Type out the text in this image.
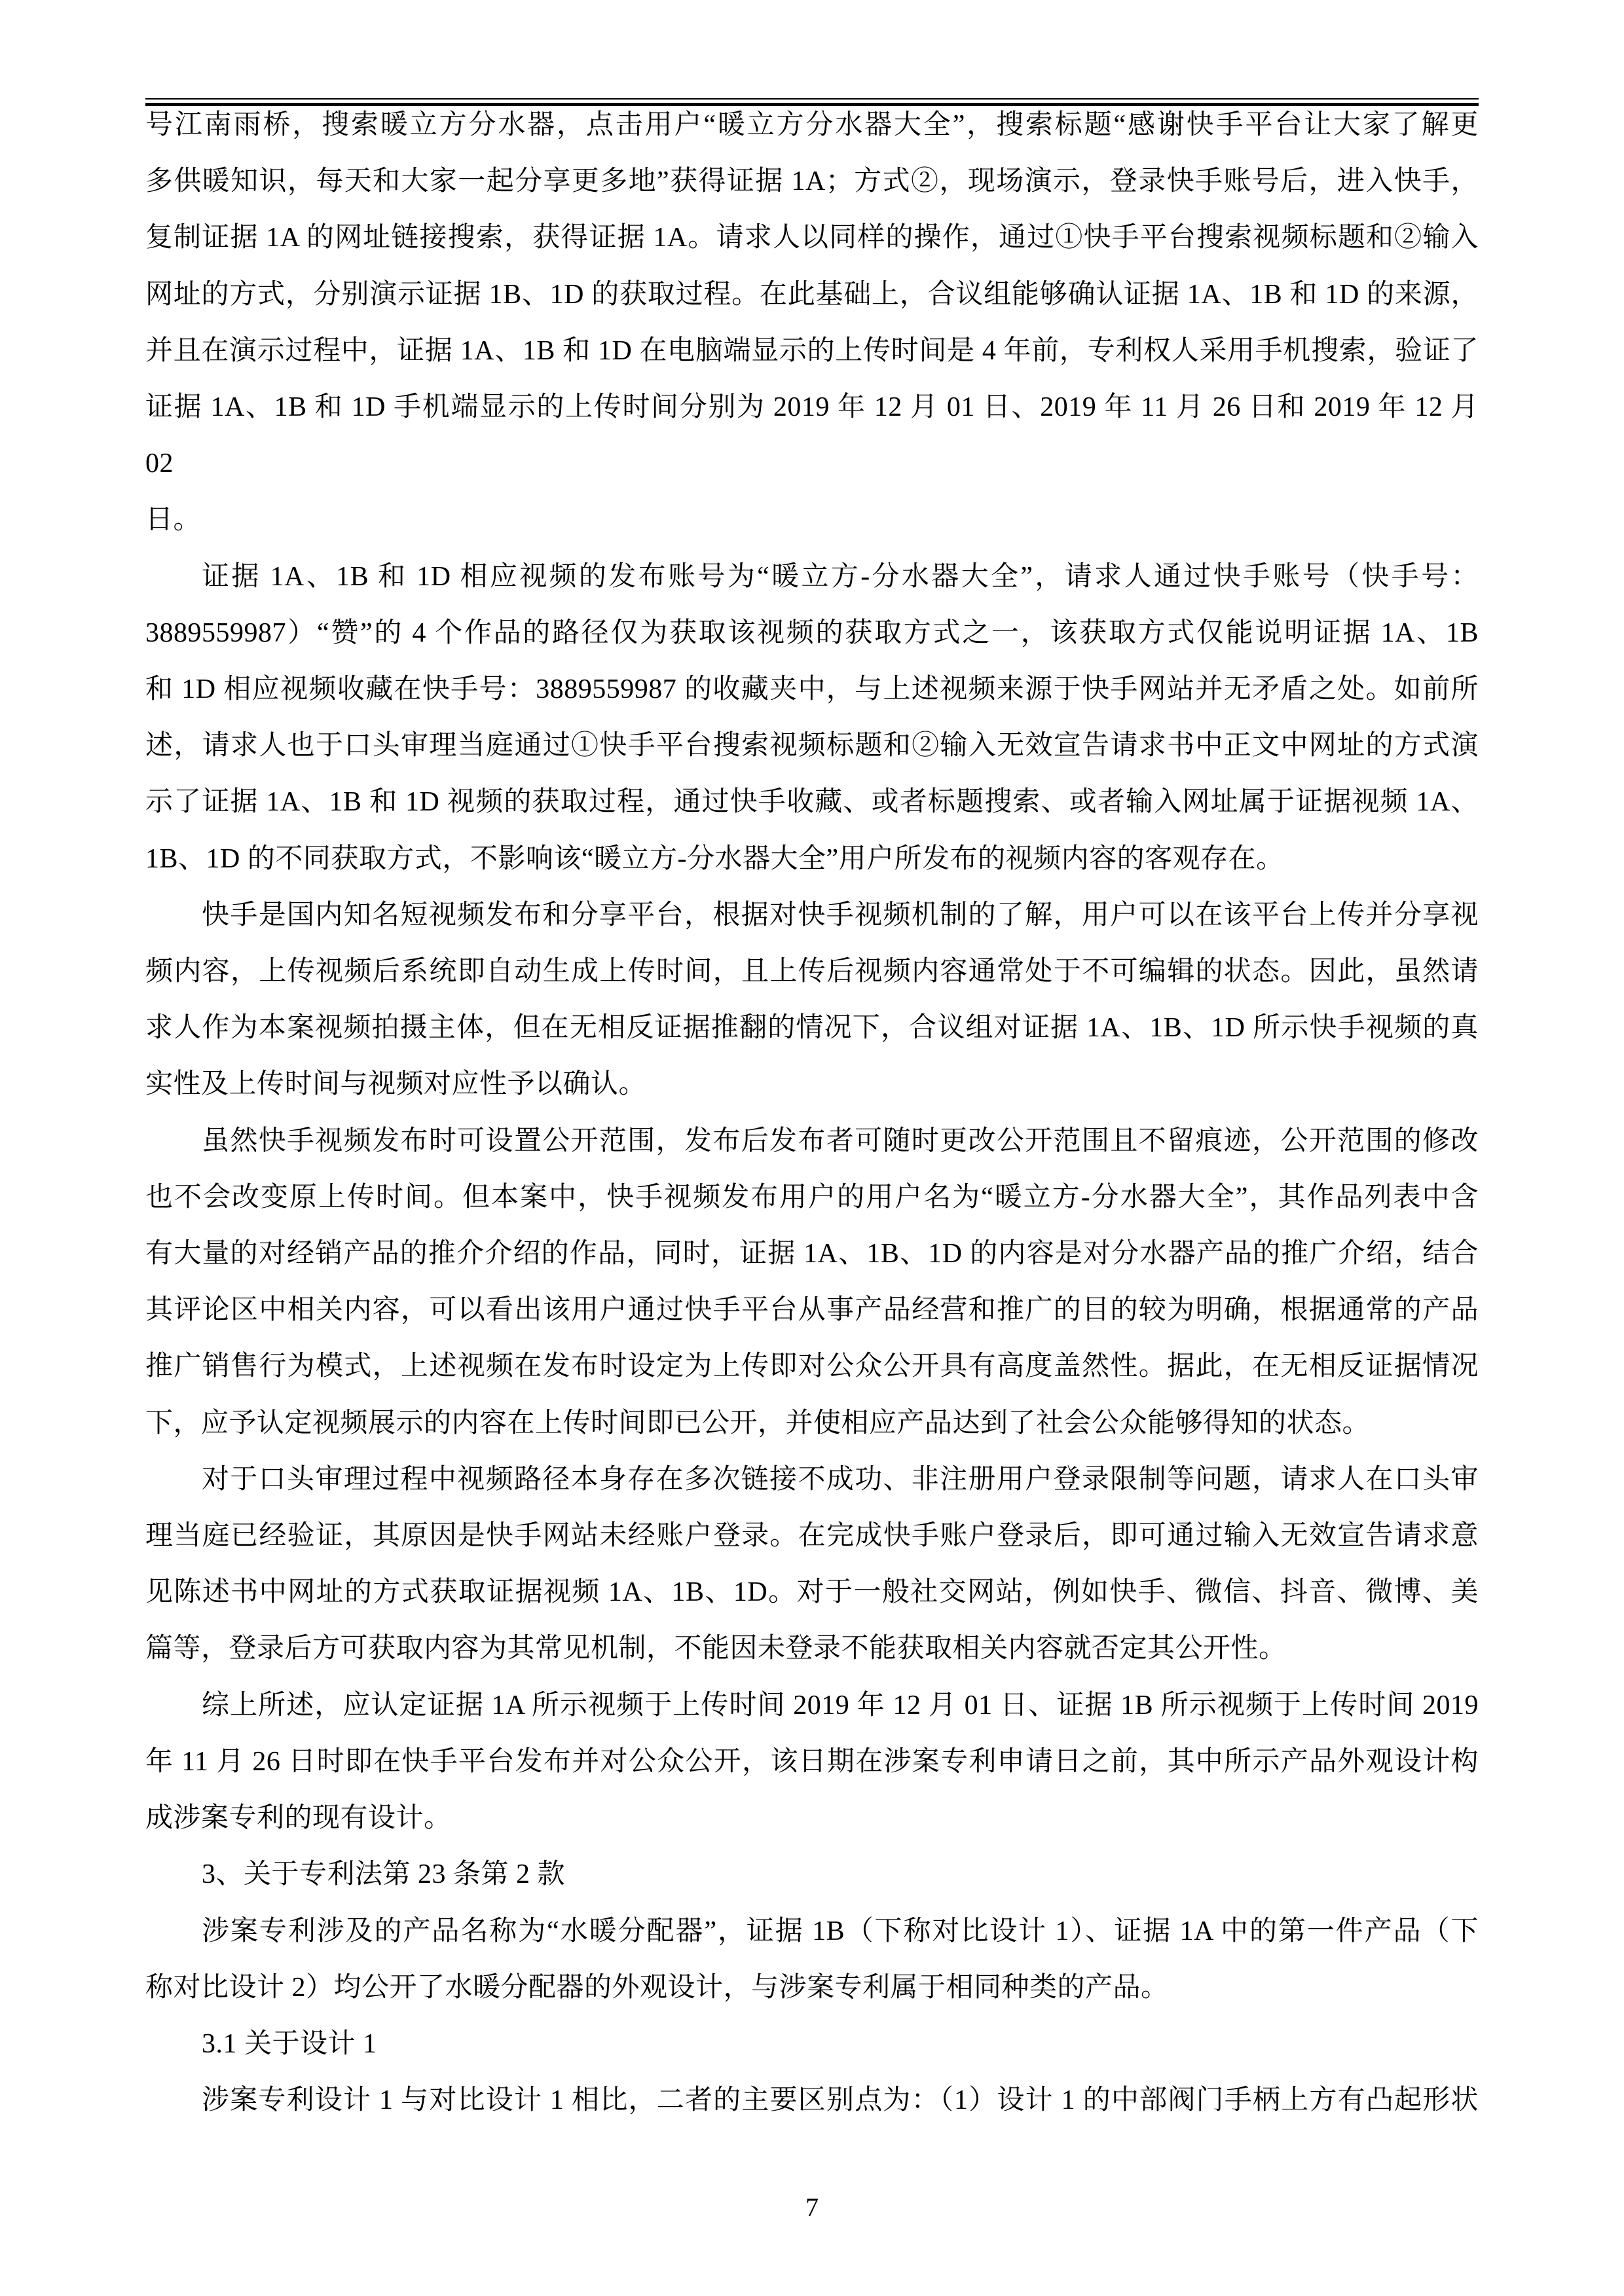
号江南雨桥，搜索暖立方分水器，点击用户“暖立方分水器大全”，搜索标题“感谢快手平台让大家了解更
多供暖知识，每天和大家一起分享更多地”获得证据 1A；方式②，现场演示，登录快手账号后，进入快手，
复制证据 1A 的网址链接搜索，获得证据 1A。请求人以同样的操作，通过①快手平台搜索视频标题和②输入
网址的方式，分别演示证据 1B、1D 的获取过程。在此基础上，合议组能够确认证据 1A、1B 和 1D 的来源，
并且在演示过程中，证据 1A、1B 和 1D 在电脑端显示的上传时间是 4 年前，专利权人采用手机搜索，验证了
证据 1A、1B 和 1D 手机端显示的上传时间分别为 2019 年 12 月 01 日、2019 年 11 月 26 日和 2019 年 12 月 02
日。
证据 1A、1B 和 1D 相应视频的发布账号为“暖立方-分水器大全”，请求人通过快手账号（快手号：
3889559987）“赞”的 4 个作品的路径仅为获取该视频的获取方式之一，该获取方式仅能说明证据 1A、1B
和 1D 相应视频收藏在快手号：3889559987 的收藏夹中，与上述视频来源于快手网站并无矛盾之处。如前所
述，请求人也于口头审理当庭通过①快手平台搜索视频标题和②输入无效宣告请求书中正文中网址的方式演
示了证据 1A、1B 和 1D 视频的获取过程，通过快手收藏、或者标题搜索、或者输入网址属于证据视频 1A、
1B、1D 的不同获取方式，不影响该“暖立方-分水器大全”用户所发布的视频内容的客观存在。
快手是国内知名短视频发布和分享平台，根据对快手视频机制的了解，用户可以在该平台上传并分享视
频内容，上传视频后系统即自动生成上传时间，且上传后视频内容通常处于不可编辑的状态。因此，虽然请
求人作为本案视频拍摄主体，但在无相反证据推翻的情况下，合议组对证据 1A、1B、1D 所示快手视频的真
实性及上传时间与视频对应性予以确认。
虽然快手视频发布时可设置公开范围，发布后发布者可随时更改公开范围且不留痕迹，公开范围的修改
也不会改变原上传时间。但本案中，快手视频发布用户的用户名为“暖立方-分水器大全”，其作品列表中含
有大量的对经销产品的推介介绍的作品，同时，证据 1A、1B、1D 的内容是对分水器产品的推广介绍，结合
其评论区中相关内容，可以看出该用户通过快手平台从事产品经营和推广的目的较为明确，根据通常的产品
推广销售行为模式，上述视频在发布时设定为上传即对公众公开具有高度盖然性。据此，在无相反证据情况
下，应予认定视频展示的内容在上传时间即已公开，并使相应产品达到了社会公众能够得知的状态。
对于口头审理过程中视频路径本身存在多次链接不成功、非注册用户登录限制等问题，请求人在口头审
理当庭已经验证，其原因是快手网站未经账户登录。在完成快手账户登录后，即可通过输入无效宣告请求意
见陈述书中网址的方式获取证据视频 1A、1B、1D。对于一般社交网站，例如快手、微信、抖音、微博、美
篇等，登录后方可获取内容为其常见机制，不能因未登录不能获取相关内容就否定其公开性。
综上所述，应认定证据 1A 所示视频于上传时间 2019 年 12 月 01 日、证据 1B 所示视频于上传时间 2019
年 11 月 26 日时即在快手平台发布并对公众公开，该日期在涉案专利申请日之前，其中所示产品外观设计构
成涉案专利的现有设计。
3、关于专利法第 23 条第 2 款
涉案专利涉及的产品名称为“水暖分配器”，证据 1B（下称对比设计 1）、证据 1A 中的第一件产品（下
称对比设计 2）均公开了水暖分配器的外观设计，与涉案专利属于相同种类的产品。
3.1 关于设计 1
涉案专利设计 1 与对比设计 1 相比，二者的主要区别点为：（1）设计 1 的中部阀门手柄上方有凸起形状
7
